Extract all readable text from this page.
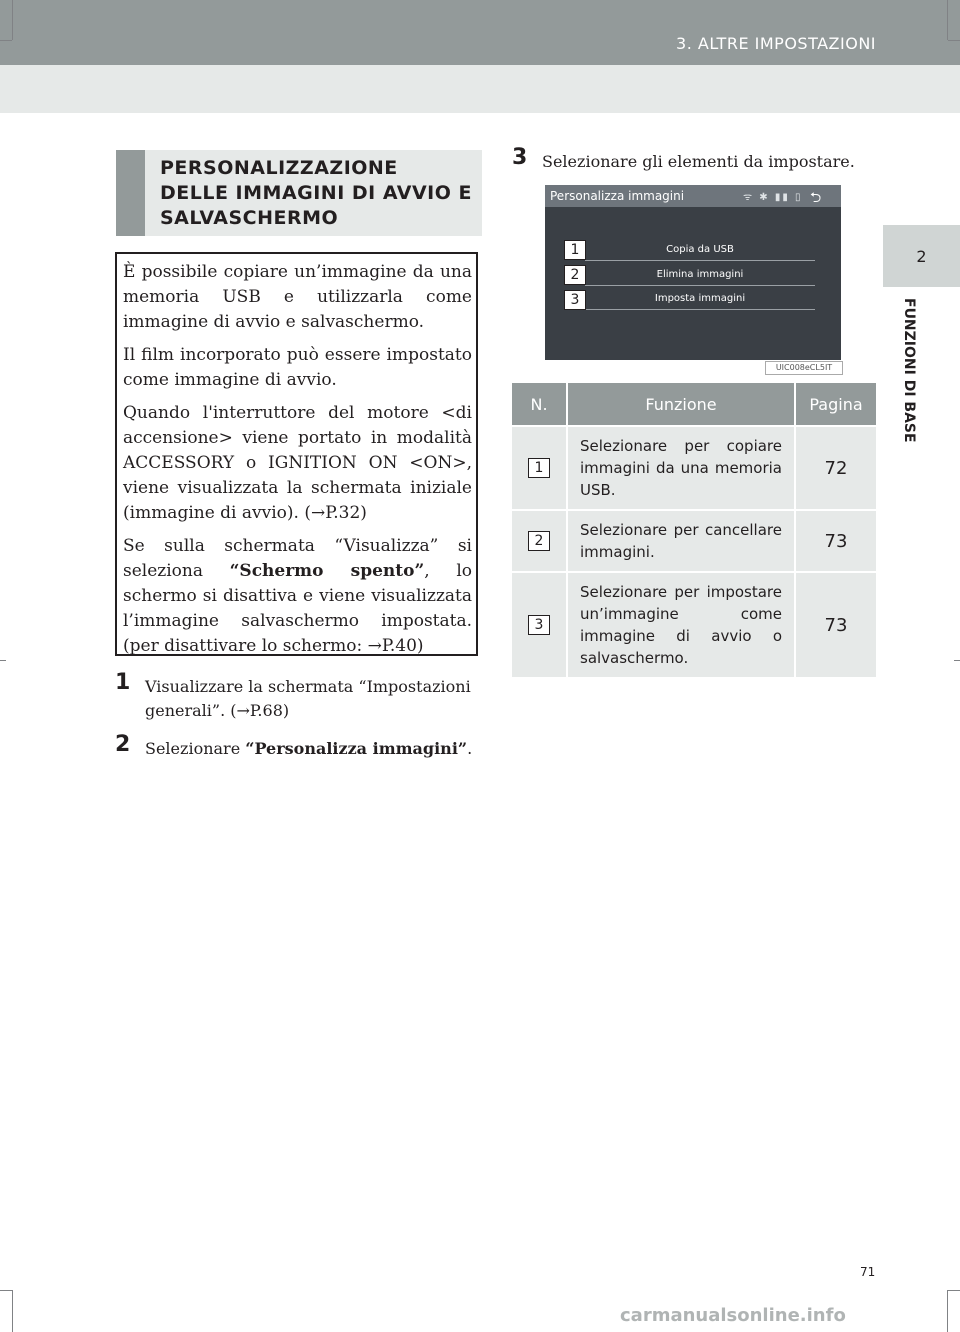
3. ALTRE IMPOSTAZIONI
2
FUNZIONI DI BASE
PERSONALIZZAZIONE
DELLE IMMAGINI DI AVVIO E
SALVASCHERMO

È possibile copiare un’immagine da una memoria USB e utilizzarla come immagine di avvio e salvaschermo.

Il film incorporato può essere impostato come immagine di avvio.

Quando l'interruttore del motore <di accensione> viene portato in modalità ACCESSORY o IGNITION ON <ON>, viene visualizzata la schermata iniziale (immagine di avvio). (→P.32)

Se sulla schermata “Visualizza” si seleziona “Schermo spento”, lo schermo si disattiva e viene visualizzata l’immagine salvaschermo impostata. (per disattivare lo schermo: →P.40)

1 Visualizzare la schermata “Impostazioni generali”. (→P.68)
2 Selezionare “Personalizza immagini”.
3 Selezionare gli elementi da impostare.
Personalizza immagini	ᯤ ✱ ▮▮ ▯ ⮌
Copia da USB
Elimina immagini
Imposta immagini
1
2
3
UIC008eCL5IT
N.	Funzione	Pagina
1	Selezionare per copiare immagini da una memoria USB.	72
2	Selezionare per cancellare immagini.	73
3	Selezionare per impostare un’immagine come immagine di avvio o salvaschermo.	73
71
carmanualsonline.info
